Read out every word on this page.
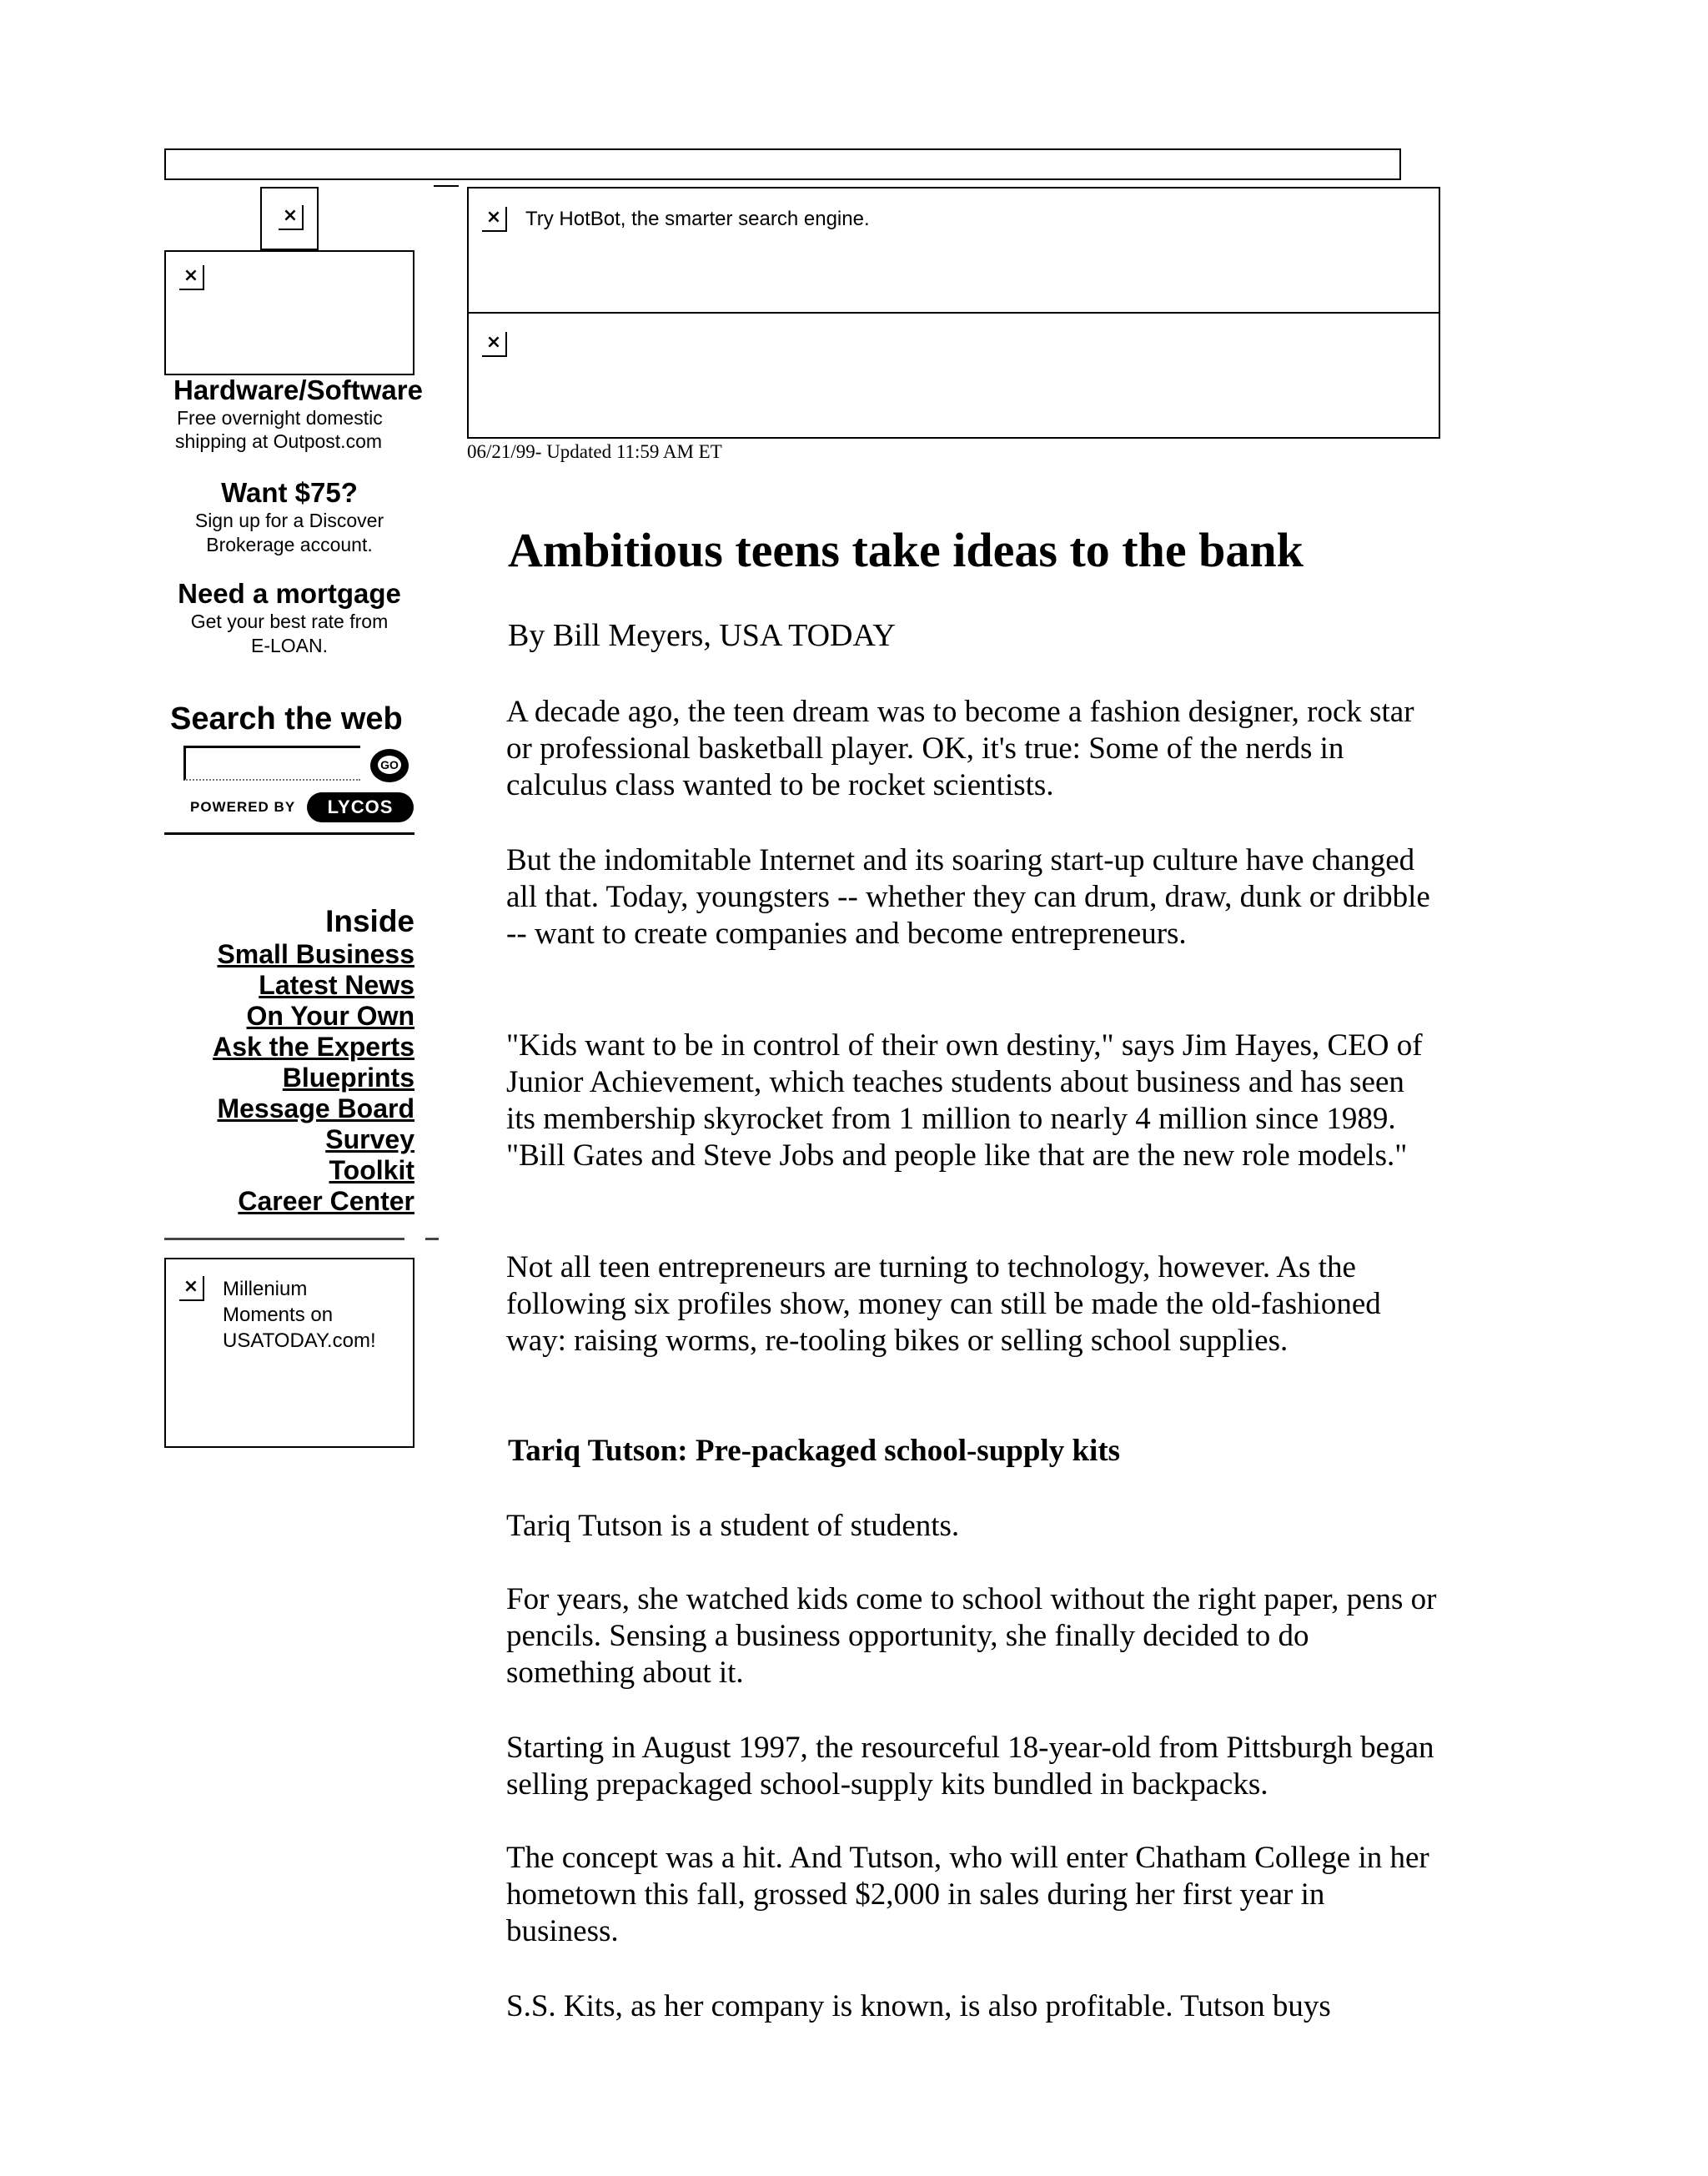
×
×
Hardware/Software
Free overnight domestic
shipping at Outpost.com
Want $75?
Sign up for a Discover
Brokerage account.
Need a mortgage
Get your best rate from
E-LOAN.
Search the web
GO
POWERED BY	LYCOS
Inside
Small Business
Latest News
On Your Own
Ask the Experts
Blueprints
Message Board
Survey
Toolkit
Career Center
× Millenium
Moments on
USATODAY.com!
× Try HotBot, the smarter search engine.
×
06/21/99- Updated 11:59 AM ET
Ambitious teens take ideas to the bank
By Bill Meyers, USA TODAY

A decade ago, the teen dream was to become a fashion designer, rock star or professional basketball player. OK, it's true: Some of the nerds in calculus class wanted to be rocket scientists.

But the indomitable Internet and its soaring start-up culture have changed all that. Today, youngsters -- whether they can drum, draw, dunk or dribble -- want to create companies and become entrepreneurs.

"Kids want to be in control of their own destiny," says Jim Hayes, CEO of Junior Achievement, which teaches students about business and has seen its membership skyrocket from 1 million to nearly 4 million since 1989. "Bill Gates and Steve Jobs and people like that are the new role models."

Not all teen entrepreneurs are turning to technology, however. As the following six profiles show, money can still be made the old-fashioned way: raising worms, re-tooling bikes or selling school supplies.

Tariq Tutson: Pre-packaged school-supply kits

Tariq Tutson is a student of students.

For years, she watched kids come to school without the right paper, pens or pencils. Sensing a business opportunity, she finally decided to do something about it.

Starting in August 1997, the resourceful 18-year-old from Pittsburgh began selling prepackaged school-supply kits bundled in backpacks.

The concept was a hit. And Tutson, who will enter Chatham College in her hometown this fall, grossed $2,000 in sales during her first year in business.

S.S. Kits, as her company is known, is also profitable. Tutson buys
